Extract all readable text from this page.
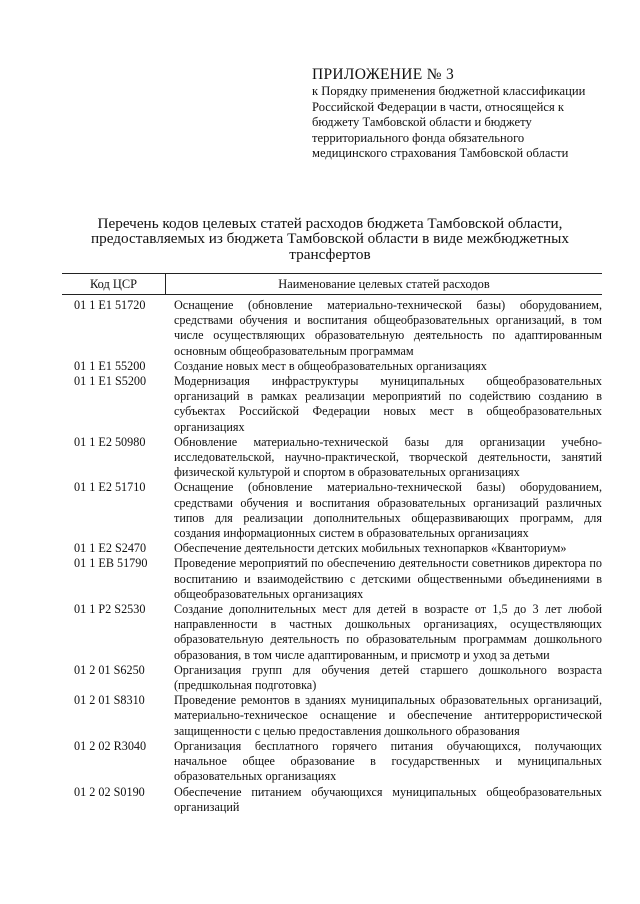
ПРИЛОЖЕНИЕ № 3

к Порядку применения бюджетной классификации

Российской Федерации в части, относящейся к

бюджету Тамбовской области и бюджету

территориального фонда обязательного

медицинского страхования Тамбовской области

Перечень кодов целевых статей расходов бюджета Тамбовской области,
предоставляемых из бюджета Тамбовской области в виде межбюджетных
трансфертов
Код ЦСР	Наименование целевых статей расходов
01 1 E1 51720	Оснащение (обновление материально-технической базы) оборудованием, средствами обучения и воспитания общеобразовательных организаций, в том числе осуществляющих образовательную деятельность по адаптированным основным общеобразовательным программам
01 1 E1 55200	Создание новых мест в общеобразовательных организациях
01 1 E1 S5200	Модернизация инфраструктуры муниципальных общеобразовательных организаций в рамках реализации мероприятий по содействию созданию в субъектах Российской Федерации новых мест в общеобразовательных организациях
01 1 E2 50980	Обновление материально-технической базы для организации учебно-исследовательской, научно-практической, творческой деятельности, занятий физической культурой и спортом в образовательных организациях
01 1 E2 51710	Оснащение (обновление материально-технической базы) оборудованием, средствами обучения и воспитания образовательных организаций различных типов для реализации дополнительных общеразвивающих программ, для создания информационных систем в образовательных организациях
01 1 E2 S2470	Обеспечение деятельности детских мобильных технопарков «Кванториум»
01 1 EB 51790	Проведение мероприятий по обеспечению деятельности советников директора по воспитанию и взаимодействию с детскими общественными объединениями в общеобразовательных организациях
01 1 P2 S2530	Создание дополнительных мест для детей в возрасте от 1,5 до 3 лет любой направленности в частных дошкольных организациях, осуществляющих образовательную деятельность по образовательным программам дошкольного образования, в том числе адаптированным, и присмотр и уход за детьми
01 2 01 S6250	Организация групп для обучения детей старшего дошкольного возраста (предшкольная подготовка)
01 2 01 S8310	Проведение ремонтов в зданиях муниципальных образовательных организаций, материально-техническое оснащение и обеспечение антитеррористической защищенности с целью предоставления дошкольного образования
01 2 02 R3040	Организация бесплатного горячего питания обучающихся, получающих начальное общее образование в государственных и муниципальных образовательных организациях
01 2 02 S0190	Обеспечение питанием обучающихся муниципальных общеобразовательных организаций
